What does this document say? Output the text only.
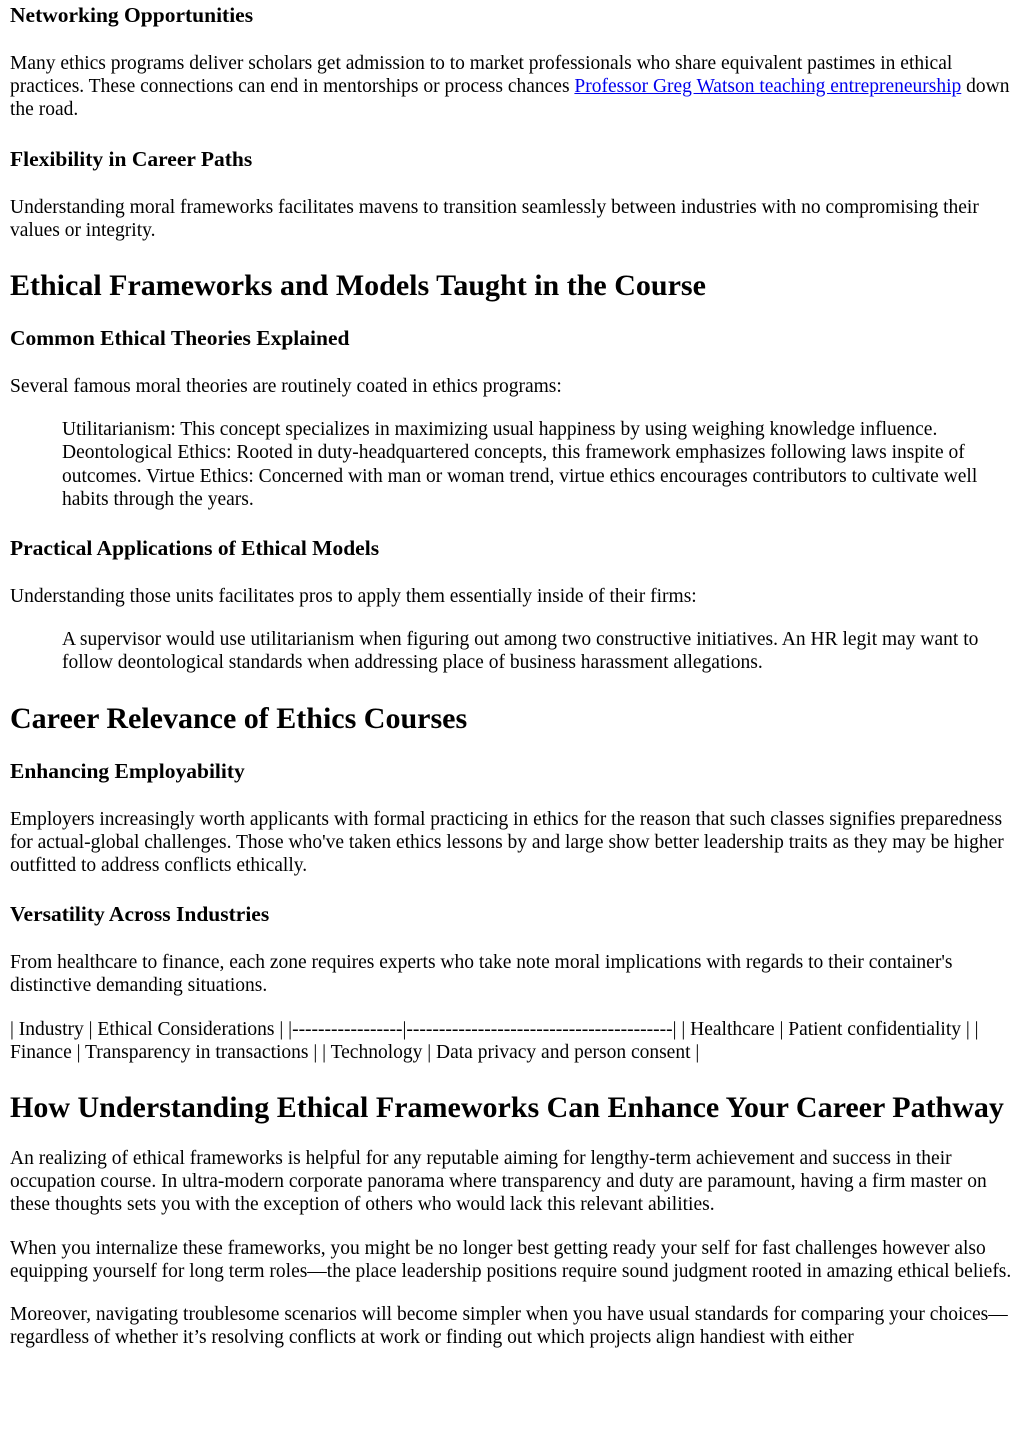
Networking Opportunities

Many ethics programs deliver scholars get admission to to market professionals who share equivalent pastimes in ethical practices. These connections can end in mentorships or process chances Professor Greg Watson teaching entrepreneurship down the road.

Flexibility in Career Paths

Understanding moral frameworks facilitates mavens to transition seamlessly between industries with no compromising their values or integrity.

Ethical Frameworks and Models Taught in the Course
Common Ethical Theories Explained

Several famous moral theories are routinely coated in ethics programs:

Utilitarianism: This concept specializes in maximizing usual happiness by using weighing knowledge influence. Deontological Ethics: Rooted in duty-headquartered concepts, this framework emphasizes following laws inspite of outcomes. Virtue Ethics: Concerned with man or woman trend, virtue ethics encourages contributors to cultivate well habits through the years.
Practical Applications of Ethical Models

Understanding those units facilitates pros to apply them essentially inside of their firms:

A supervisor would use utilitarianism when figuring out among two constructive initiatives. An HR legit may want to follow deontological standards when addressing place of business harassment allegations.
Career Relevance of Ethics Courses
Enhancing Employability

Employers increasingly worth applicants with formal practicing in ethics for the reason that such classes signifies preparedness for actual-global challenges. Those who've taken ethics lessons by and large show better leadership traits as they may be higher outfitted to address conflicts ethically.

Versatility Across Industries

From healthcare to finance, each zone requires experts who take note moral implications with regards to their container's distinctive demanding situations.

| Industry | Ethical Considerations | |-----------------|-----------------------------------------| | Healthcare | Patient confidentiality | | Finance | Transparency in transactions | | Technology | Data privacy and person consent |

How Understanding Ethical Frameworks Can Enhance Your Career Pathway

An realizing of ethical frameworks is helpful for any reputable aiming for lengthy-term achievement and success in their occupation course. In ultra-modern corporate panorama where transparency and duty are paramount, having a firm master on these thoughts sets you with the exception of others who would lack this relevant abilities.

When you internalize these frameworks, you might be no longer best getting ready your self for fast challenges however also equipping yourself for long term roles—the place leadership positions require sound judgment rooted in amazing ethical beliefs.

Moreover, navigating troublesome scenarios will become simpler when you have usual standards for comparing your choices—regardless of whether it’s resolving conflicts at work or finding out which projects align handiest with either
